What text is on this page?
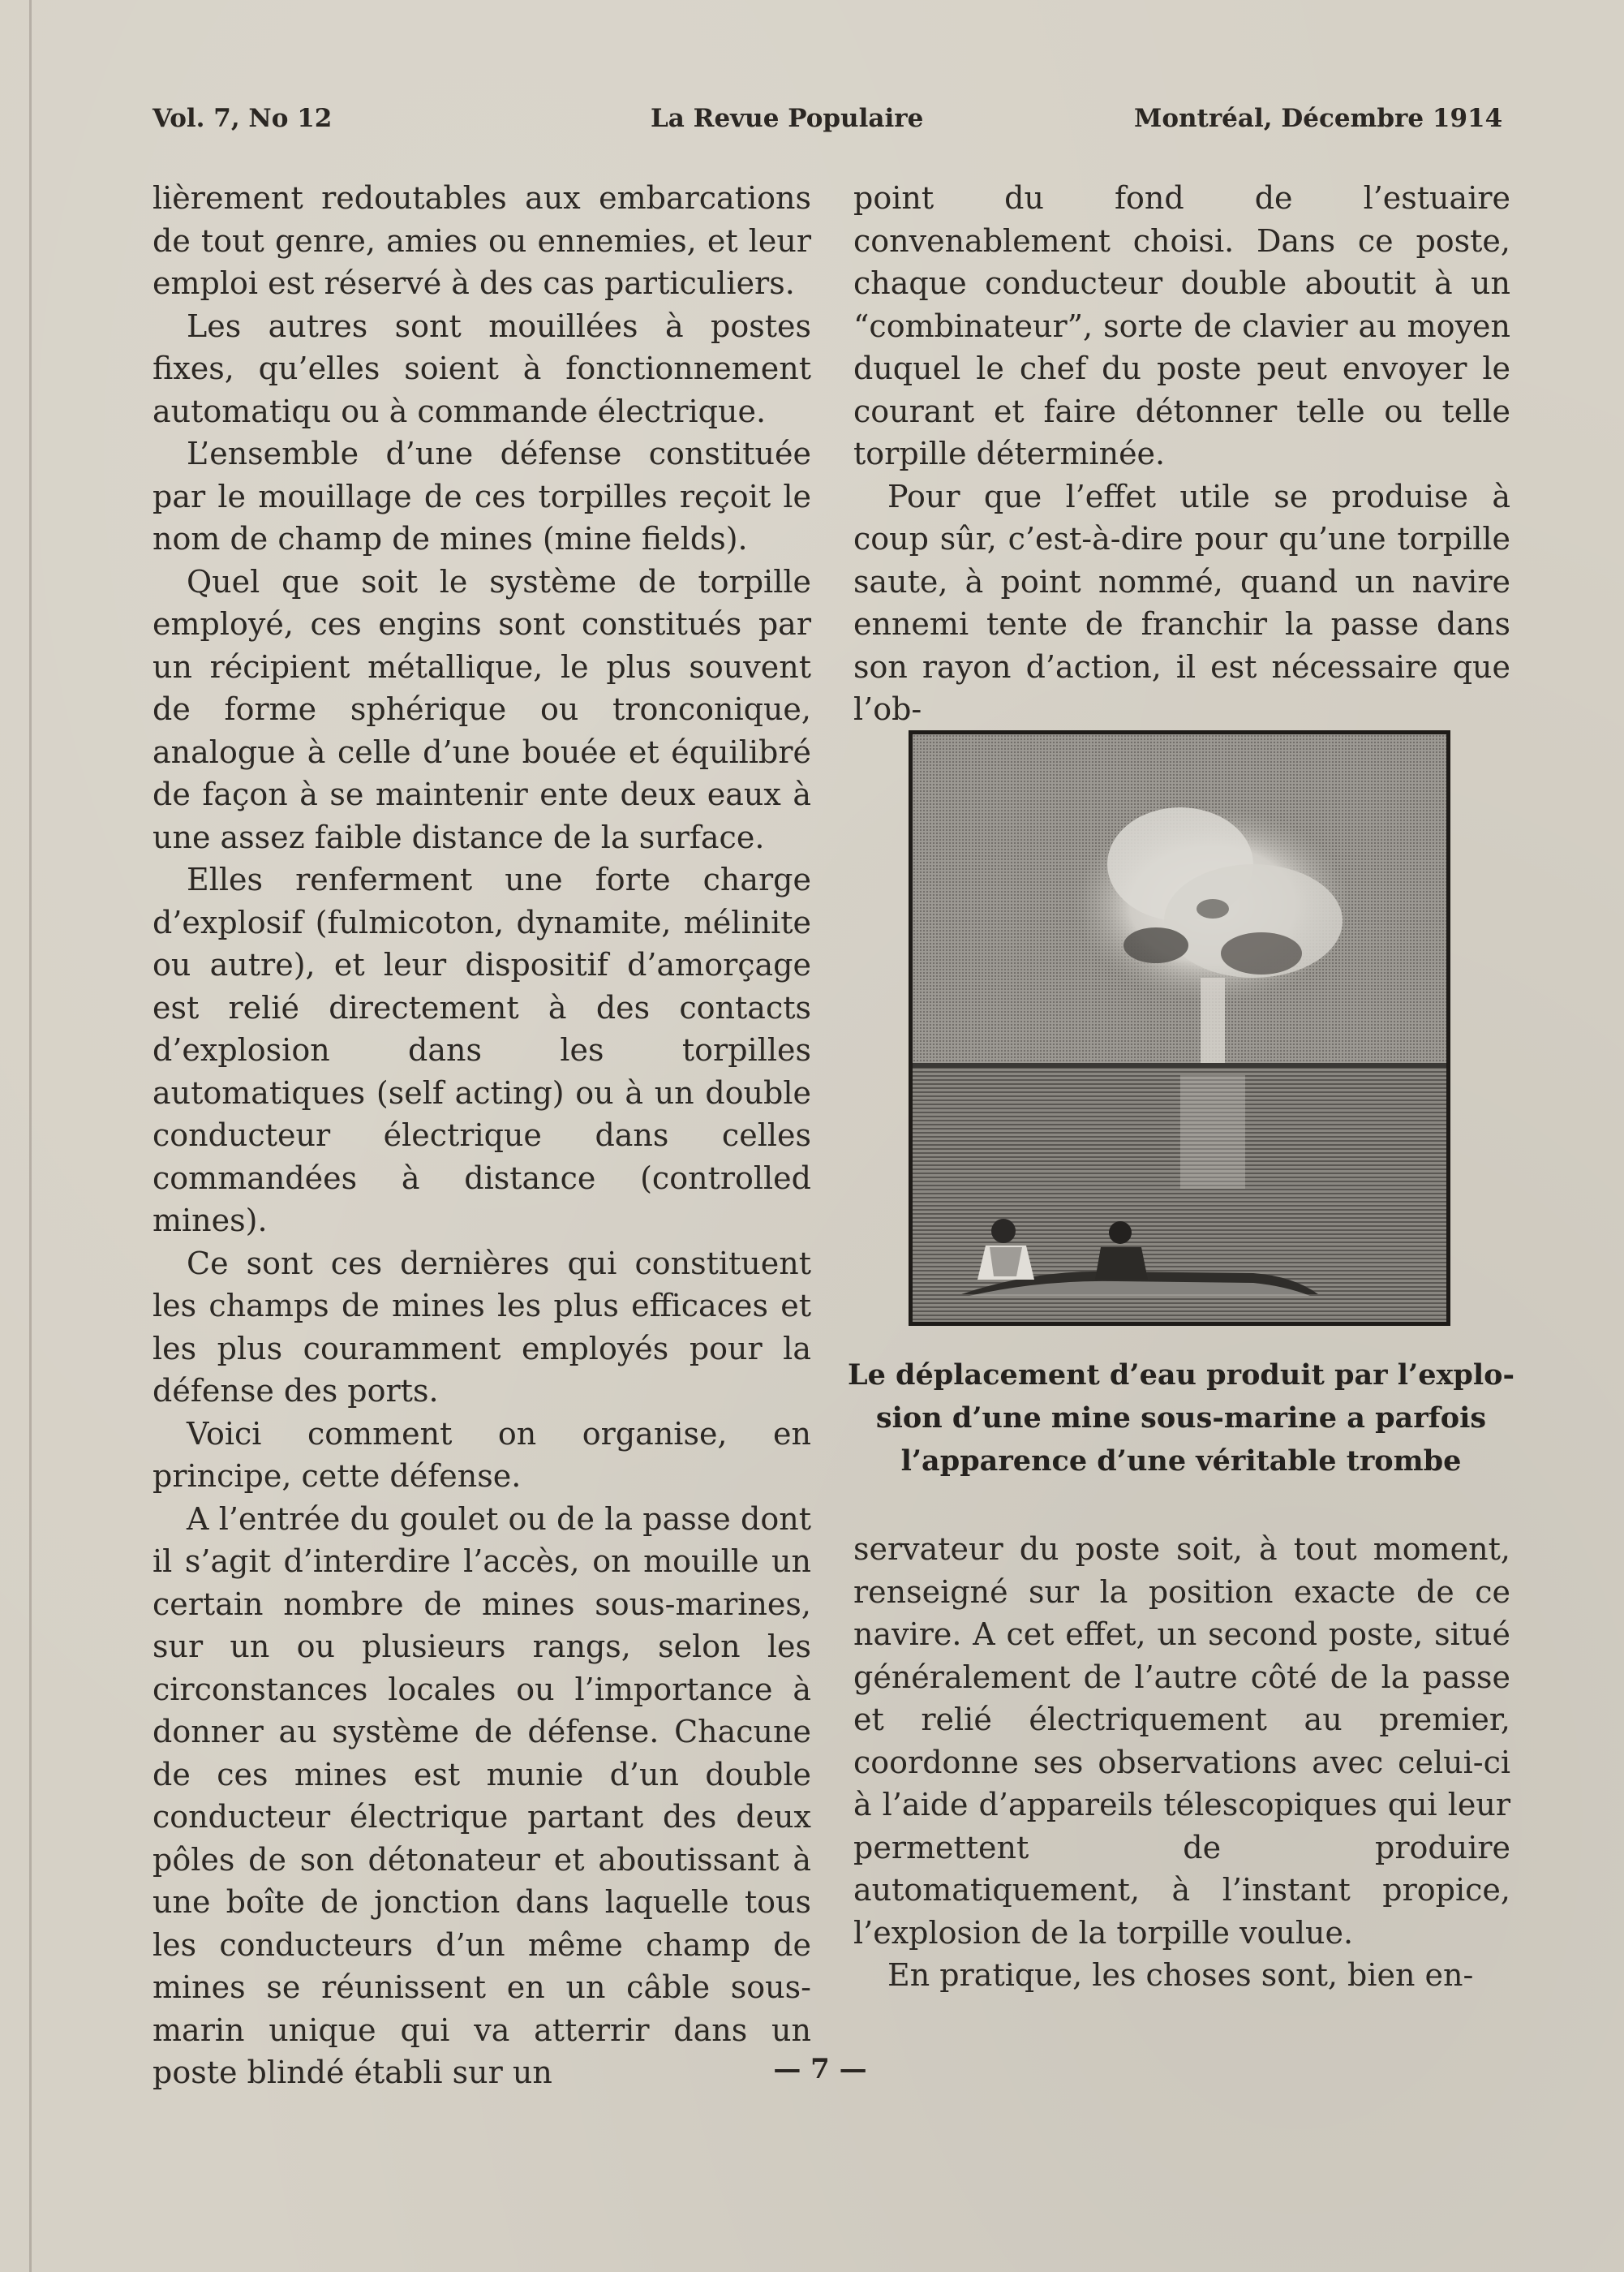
Vol. 7, No 12	La Revue Populaire	Montréal, Décembre 1914

lièrement redoutables aux embarcations de tout genre, amies ou ennemies, et leur emploi est réservé à des cas particuliers.

Les autres sont mouillées à postes fixes, qu’elles soient à fonctionnement automatiqu ou à commande électrique.

L’ensemble d’une défense constituée par le mouillage de ces torpilles reçoit le nom de champ de mines (mine fields).

Quel que soit le système de torpille employé, ces engins sont constitués par un récipient métallique, le plus souvent de forme sphérique ou tronconique, analogue à celle d’une bouée et équilibré de façon à se maintenir ente deux eaux à une assez faible distance de la surface.

Elles renferment une forte charge d’explosif (fulmicoton, dynamite, mélinite ou autre), et leur dispositif d’amorçage est relié directement à des contacts d’explosion dans les torpilles automatiques (self acting) ou à un double conducteur électrique dans celles commandées à distance (controlled mines).

Ce sont ces dernières qui constituent les champs de mines les plus efficaces et les plus couramment employés pour la défense des ports.

Voici comment on organise, en principe, cette défense.

A l’entrée du goulet ou de la passe dont il s’agit d’interdire l’accès, on mouille un certain nombre de mines sous-marines, sur un ou plusieurs rangs, selon les circonstances locales ou l’importance à donner au système de défense. Chacune de ces mines est munie d’un double conducteur électrique partant des deux pôles de son détonateur et aboutissant à une boîte de jonction dans laquelle tous les conducteurs d’un même champ de mines se réunissent en un câble sous-marin unique qui va atterrir dans un poste blindé établi sur un

point du fond de l’estuaire convenablement choisi. Dans ce poste, chaque conducteur double aboutit à un “combinateur”, sorte de clavier au moyen duquel le chef du poste peut envoyer le courant et faire détonner telle ou telle torpille déterminée.

Pour que l’effet utile se produise à coup sûr, c’est-à-dire pour qu’une torpille saute, à point nommé, quand un navire ennemi tente de franchir la passe dans son rayon d’action, il est nécessaire que l’ob-

Le déplacement d’eau produit par l’explo-
sion d’une mine sous-marine a parfois
l’apparence d’une véritable trombe

servateur du poste soit, à tout moment, renseigné sur la position exacte de ce navire. A cet effet, un second poste, situé généralement de l’autre côté de la passe et relié électriquement au premier, coordonne ses observations avec celui-ci à l’aide d’appareils télescopiques qui leur permettent de produire automatiquement, à l’instant propice, l’explosion de la torpille voulue.

En pratique, les choses sont, bien en-

— 7 —
